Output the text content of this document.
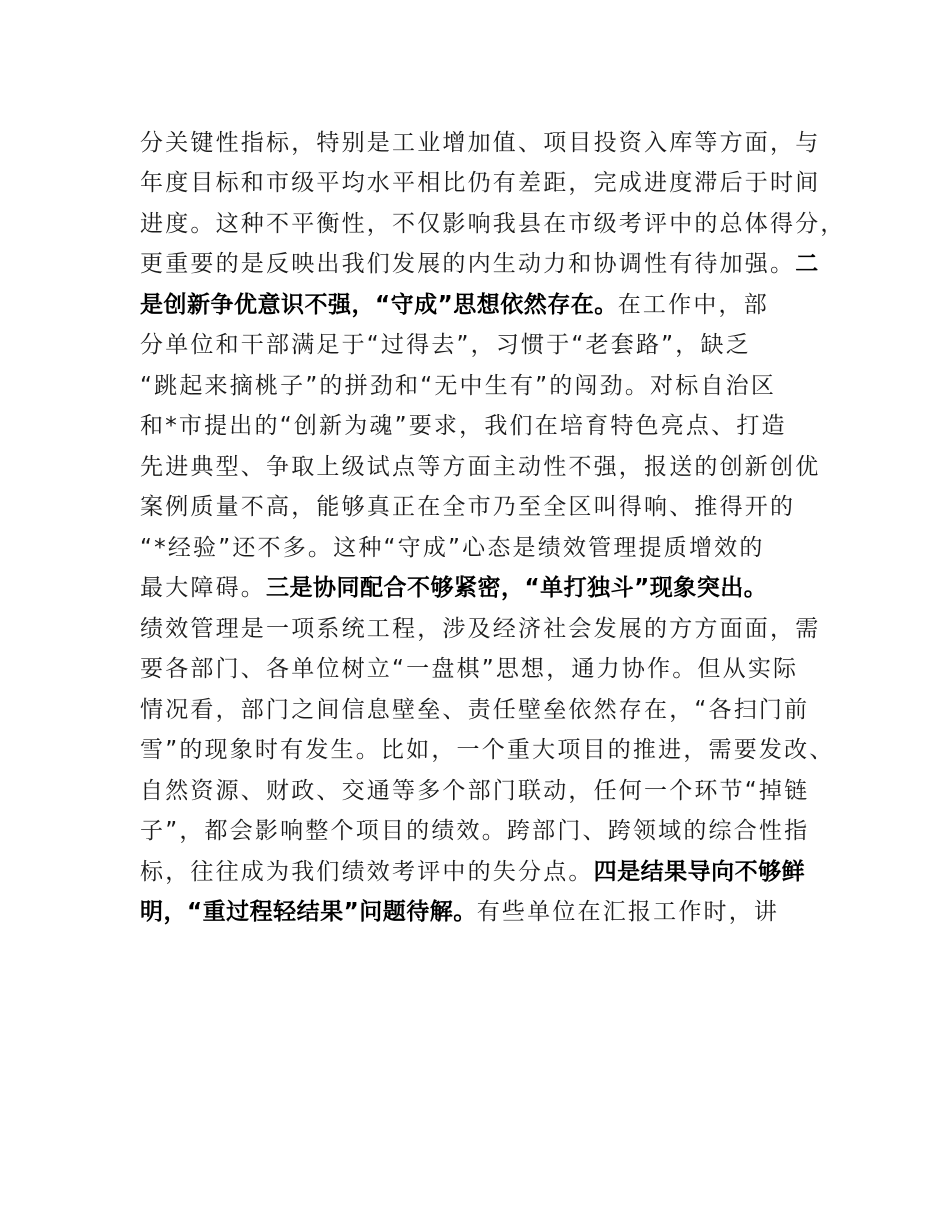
分关键性指标，特别是工业增加值、项目投资入库等方面，与
年度目标和市级平均水平相比仍有差距，完成进度滞后于时间
进度。这种不平衡性，不仅影响我县在市级考评中的总体得分，
更重要的是反映出我们发展的内生动力和协调性有待加强。二
是创新争优意识不强，“守成”思想依然存在。在工作中，部
分单位和干部满足于“过得去”，习惯于“老套路”，缺乏
“跳起来摘桃子”的拼劲和“无中生有”的闯劲。对标自治区
和*市提出的“创新为魂”要求，我们在培育特色亮点、打造
先进典型、争取上级试点等方面主动性不强，报送的创新创优
案例质量不高，能够真正在全市乃至全区叫得响、推得开的
“*经验”还不多。这种“守成”心态是绩效管理提质增效的
最大障碍。三是协同配合不够紧密，“单打独斗”现象突出。
绩效管理是一项系统工程，涉及经济社会发展的方方面面，需
要各部门、各单位树立“一盘棋”思想，通力协作。但从实际
情况看，部门之间信息壁垒、责任壁垒依然存在，“各扫门前
雪”的现象时有发生。比如，一个重大项目的推进，需要发改、
自然资源、财政、交通等多个部门联动，任何一个环节“掉链
子”，都会影响整个项目的绩效。跨部门、跨领域的综合性指
标，往往成为我们绩效考评中的失分点。四是结果导向不够鲜
明，“重过程轻结果”问题待解。有些单位在汇报工作时，讲
